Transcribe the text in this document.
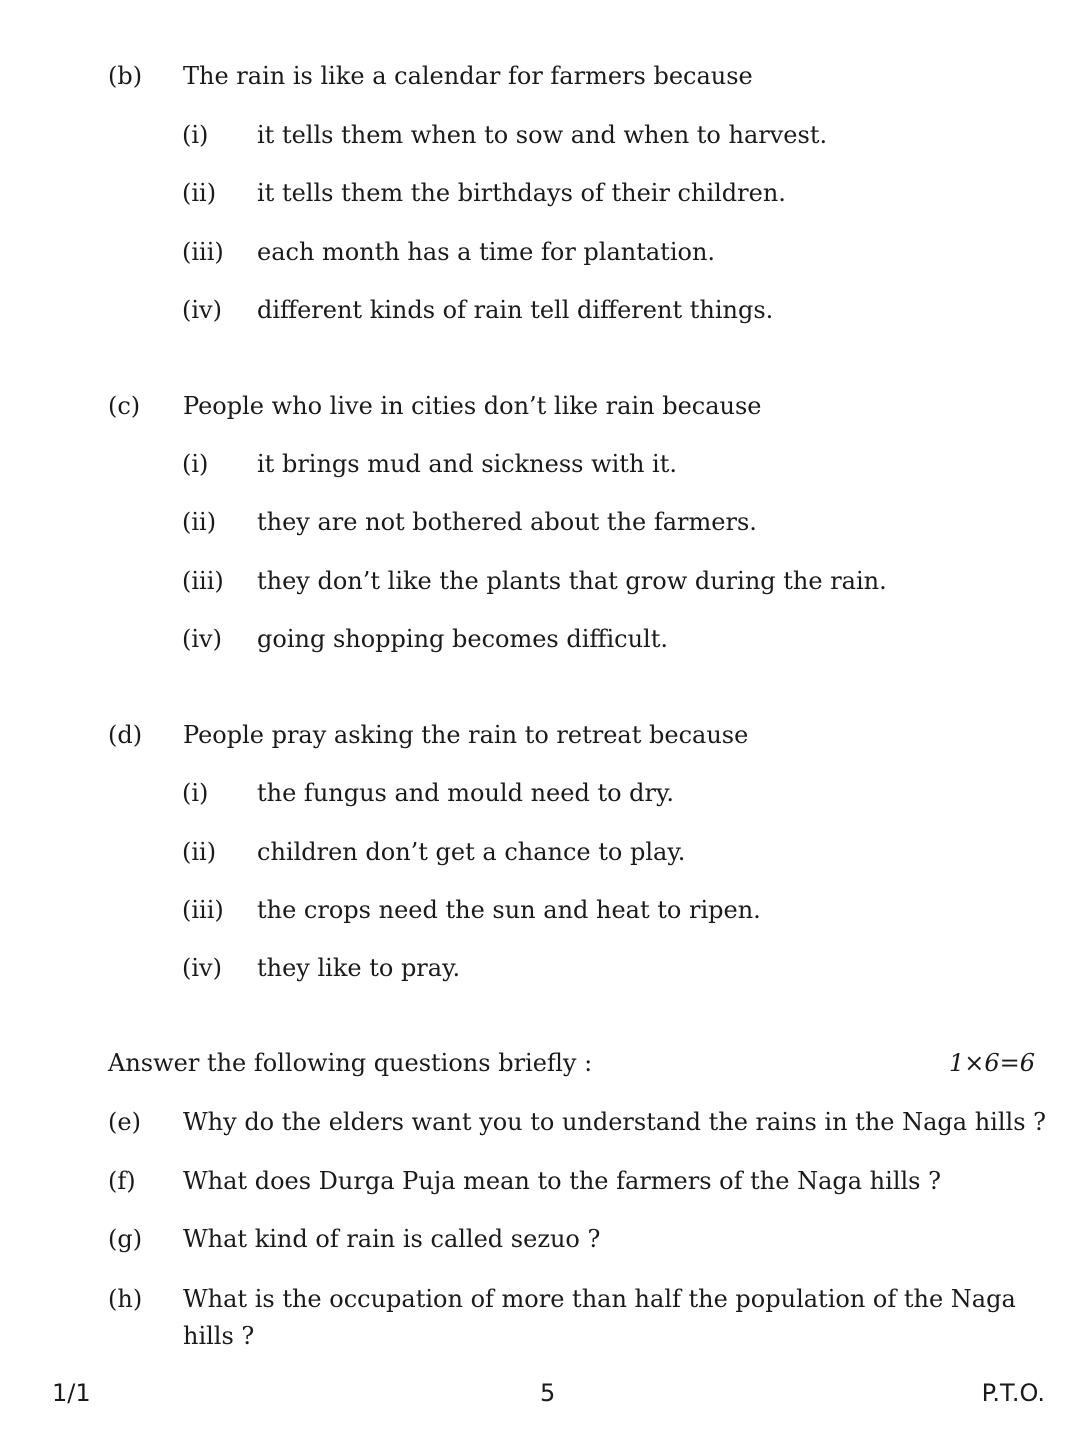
(b) The rain is like a calendar for farmers because
(i) it tells them when to sow and when to harvest.
(ii) it tells them the birthdays of their children.
(iii) each month has a time for plantation.
(iv) different kinds of rain tell different things.
(c) People who live in cities don’t like rain because
(i) it brings mud and sickness with it.
(ii) they are not bothered about the farmers.
(iii) they don’t like the plants that grow during the rain.
(iv) going shopping becomes difficult.
(d) People pray asking the rain to retreat because
(i) the fungus and mould need to dry.
(ii) children don’t get a chance to play.
(iii) the crops need the sun and heat to ripen.
(iv) they like to pray.
Answer the following questions briefly :	1×6=6
(e) Why do the elders want you to understand the rains in the Naga hills ?
(f) What does Durga Puja mean to the farmers of the Naga hills ?
(g) What kind of rain is called sezuo ?
(h) What is the occupation of more than half the population of the Naga
hills ?
1/1	5	P.T.O.
